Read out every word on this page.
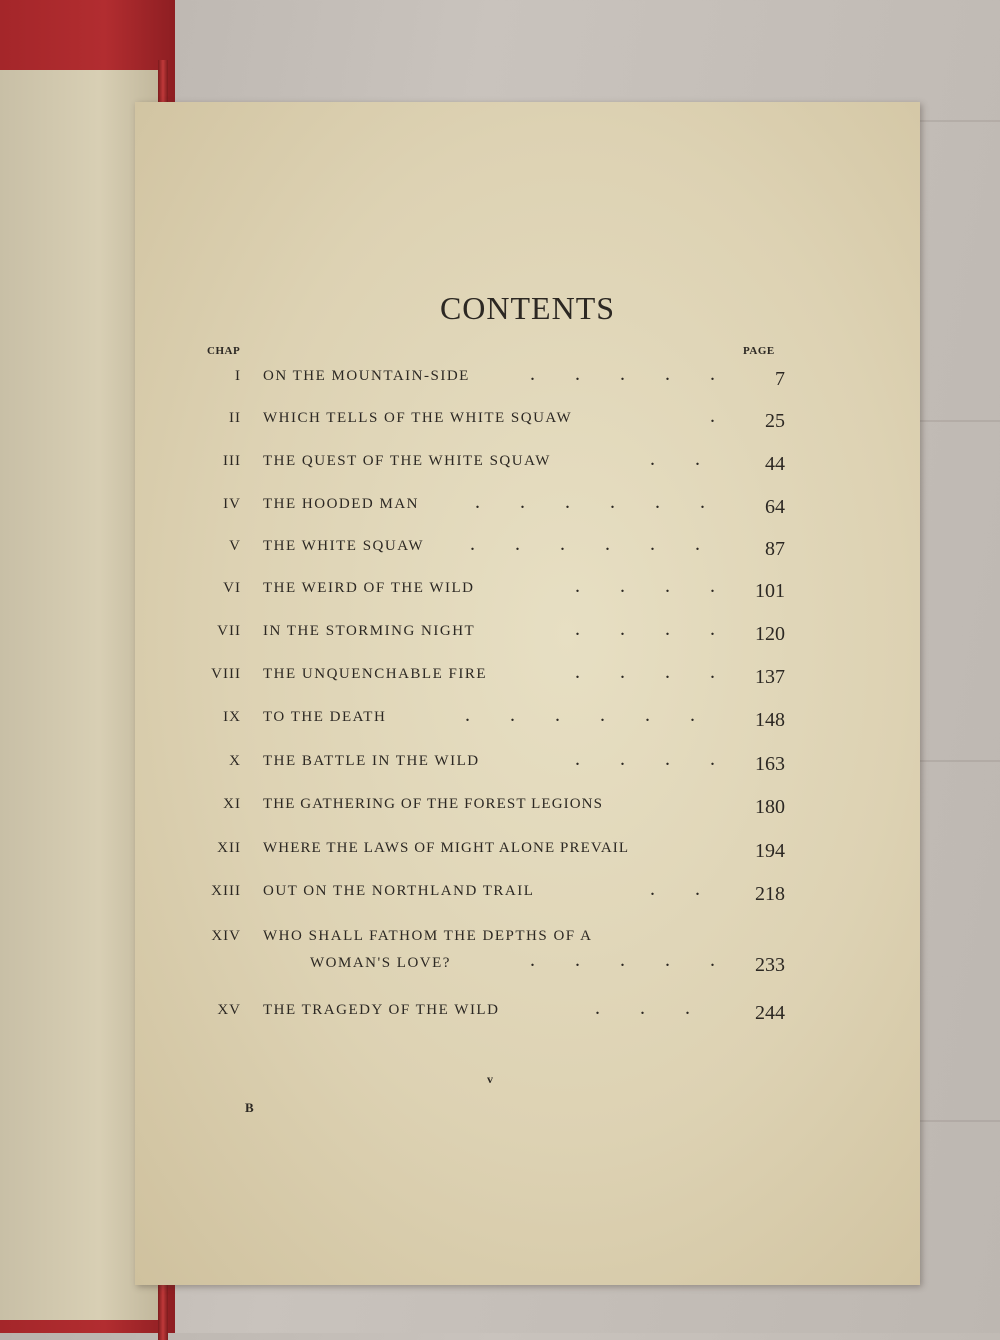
CONTENTS
CHAP	PAGE
I ON THE MOUNTAIN-SIDE	.  .  .  .  .	7
II WHICH TELLS OF THE WHITE SQUAW	.	25
III THE QUEST OF THE WHITE SQUAW	.  .	44
IV THE HOODED MAN	.  .  .  .  .  .	64
V THE WHITE SQUAW .  .  .  .  .  .	87
VI THE WEIRD OF THE WILD	.  .  .  .	101
VII IN THE STORMING NIGHT	.  .  .  .	120
VIII THE UNQUENCHABLE FIRE	.  .  .  .	137
IX TO THE DEATH	.  .  .  .  .  .	148
X THE BATTLE IN THE WILD	.  .  .  .	163
XI THE GATHERING OF THE FOREST LEGIONS	180
XII WHERE THE LAWS OF MIGHT ALONE PREVAIL	194
XIII OUT ON THE NORTHLAND TRAIL	.  .	218
XIV WHO SHALL FATHOM THE DEPTHS OF A
WOMAN'S LOVE?	.  .  .  .  .	233
XV THE TRAGEDY OF THE WILD	.  .  .	244
v
B
